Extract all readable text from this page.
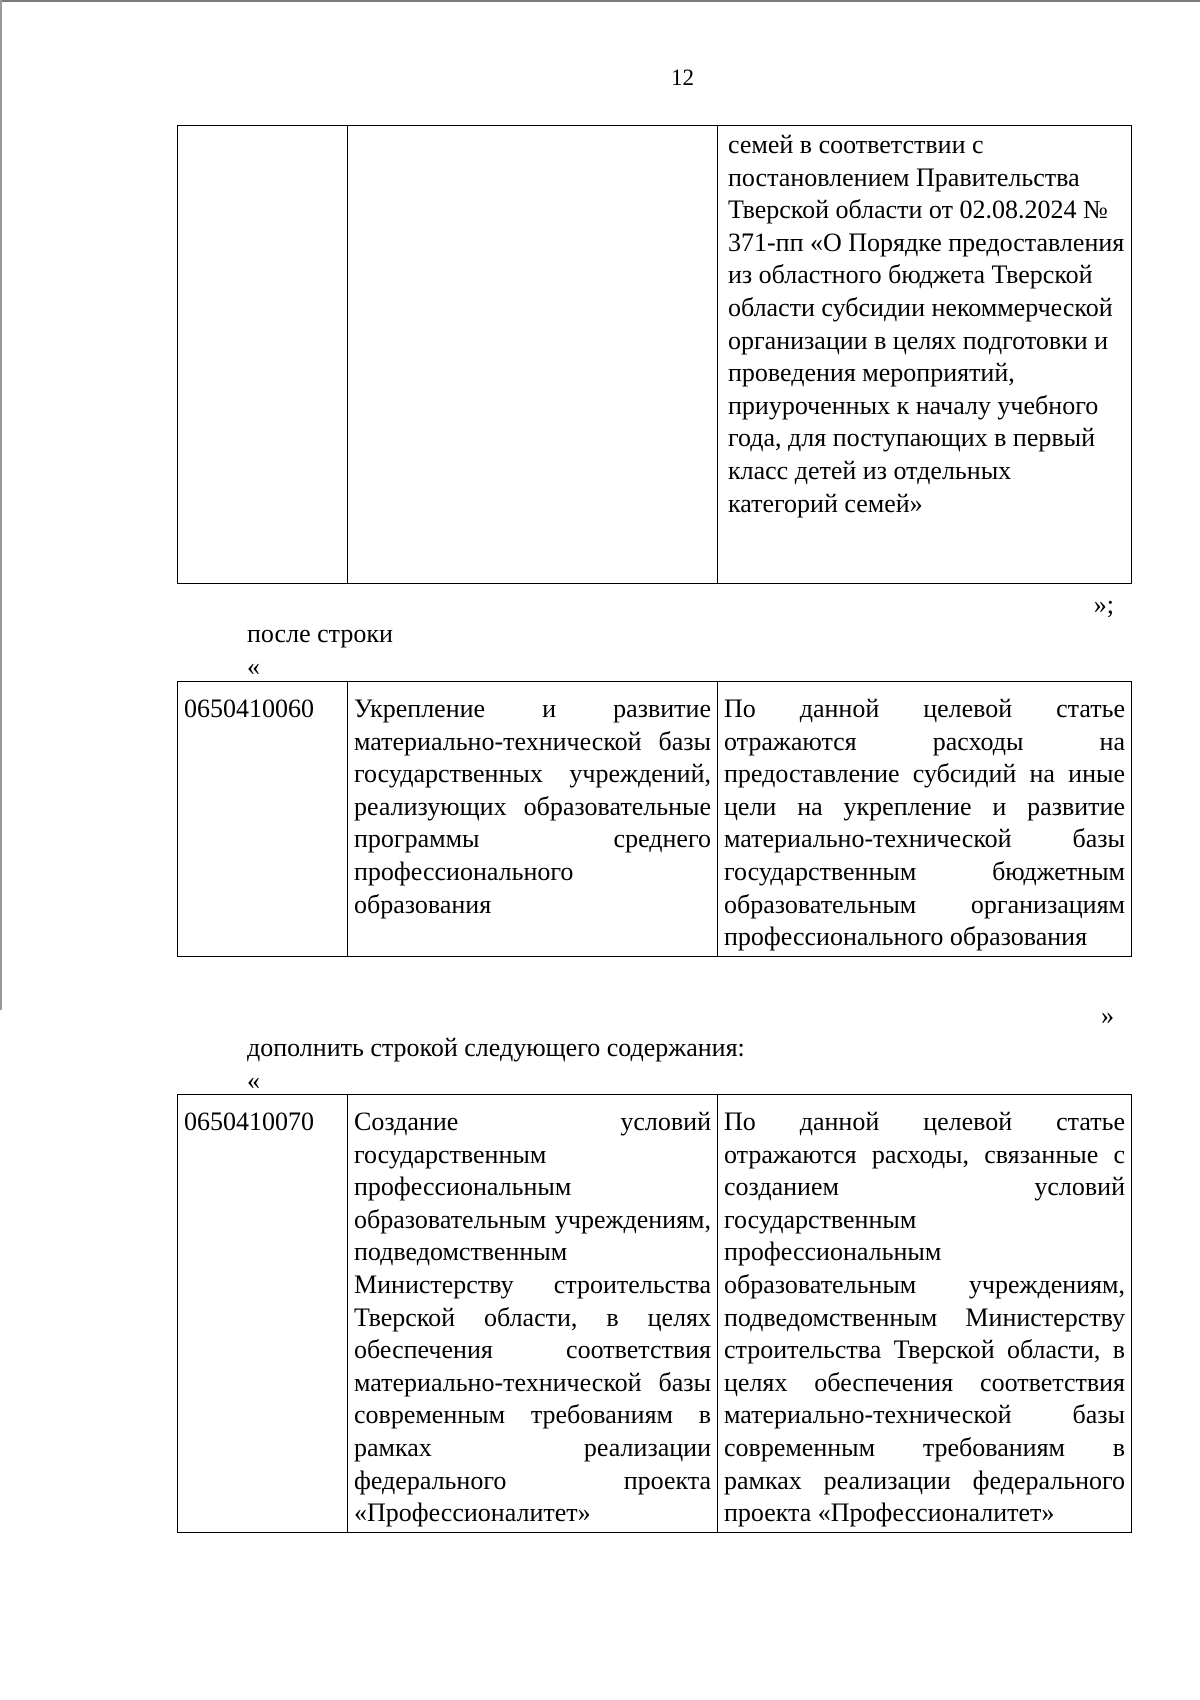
12
		семей в соответствии с постановлением Правительства Тверской области от 02.08.2024 № 371-пп «О Порядке предоставления из областного бюджета Тверской области субсидии некоммерческой организации в целях подготовки и проведения мероприятий, приуроченных к началу учебного года, для поступающих в первый класс детей из отдельных категорий семей»
»;
после строки
«
0650410060	Укрепление и развитие материально-технической базы государственных учреждений, реализующих образовательные программы среднего профессионального образования	По данной целевой статье отражаются расходы на предоставление субсидий на иные цели на укрепление и развитие материально-технической базы государственным бюджетным образовательным организациям профессионального образования
»
дополнить строкой следующего содержания:
«
0650410070	Создание условий государственным профессиональным образовательным учреждениям, подведомственным Министерству строительства Тверской области, в целях обеспечения соответствия материально-технической базы современным требованиям в рамках реализации федерального проекта «Профессионалитет»	По данной целевой статье отражаются расходы, связанные с созданием условий государственным профессиональным образовательным учреждениям, подведомственным Министерству строительства Тверской области, в целях обеспечения соответствия материально-технической базы современным требованиям в рамках реализации федерального проекта «Профессионалитет»
